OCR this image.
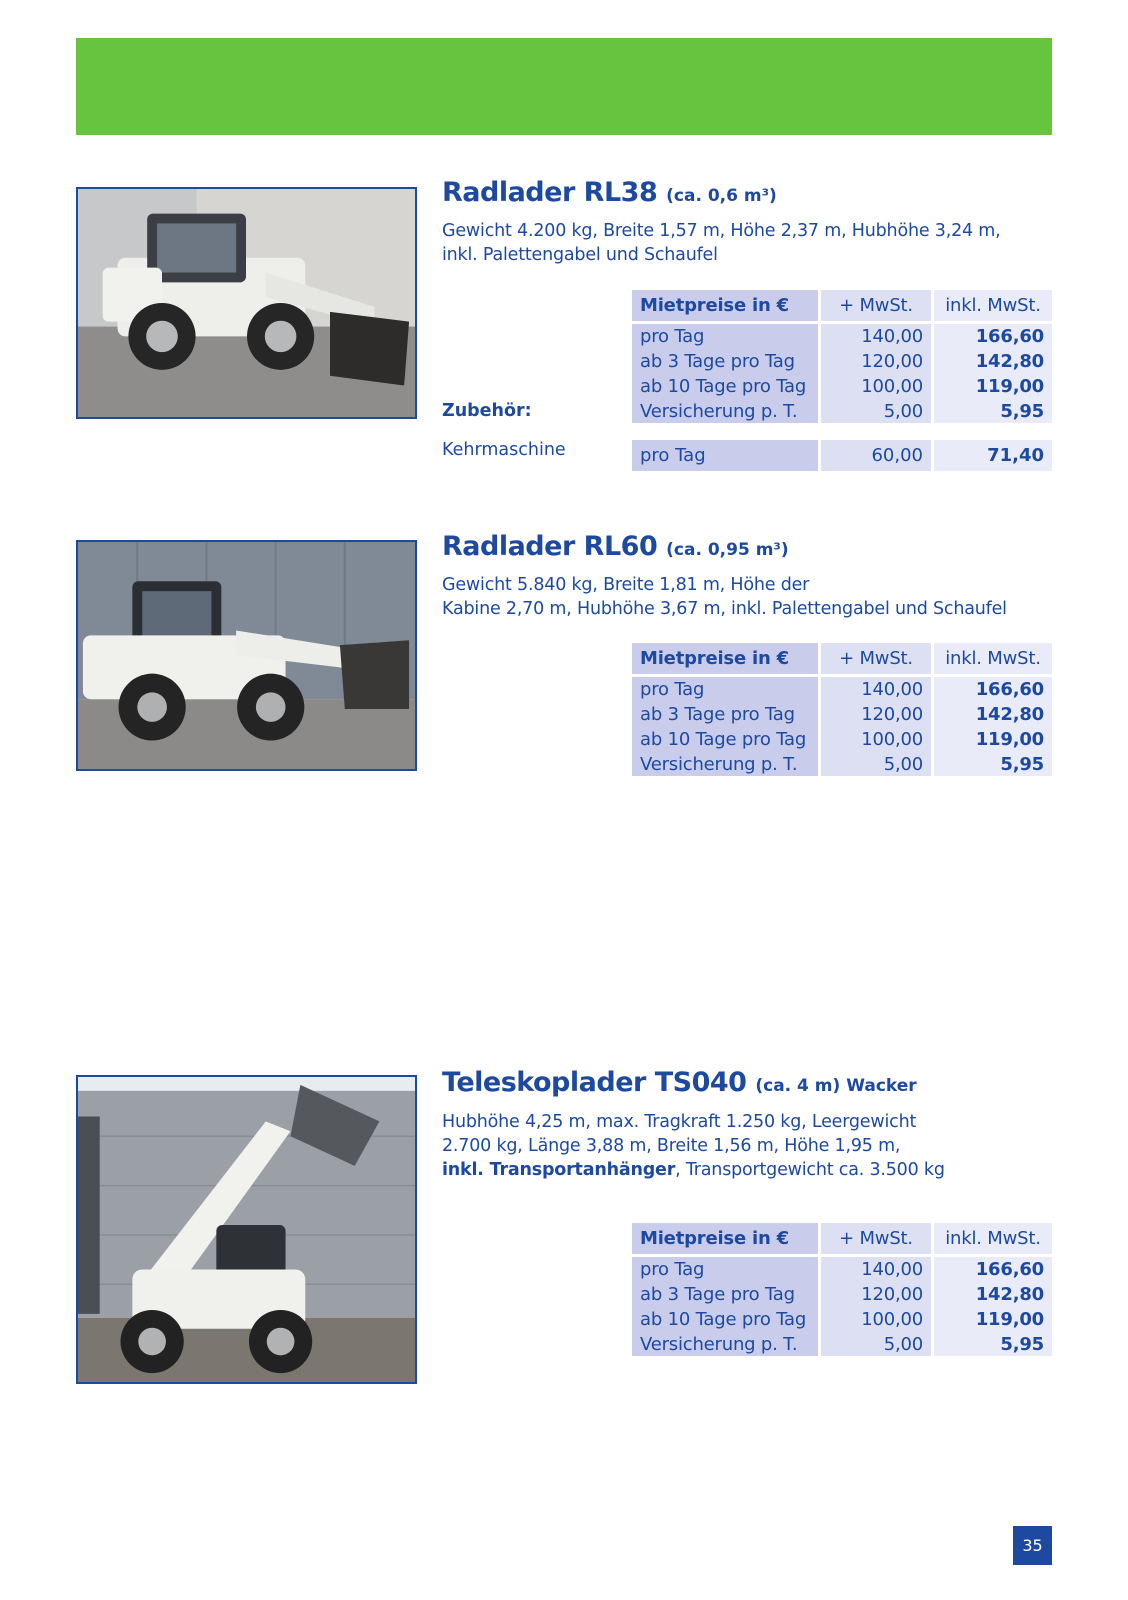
Radlader RL38 (ca. 0,6 m³)

Gewicht 4.200 kg, Breite 1,57 m, Höhe 2,37 m, Hubhöhe 3,24 m,
inkl. Palettengabel und Schaufel

Mietpreise in €	+ MwSt.	inkl. MwSt.
pro Tag	140,00	166,60
ab 3 Tage pro Tag	120,00	142,80
ab 10 Tage pro Tag	100,00	119,00
Versicherung p. T.	5,00	5,95
Zubehör:
Kehrmaschine	pro Tag	60,00	71,40
Radlader RL60 (ca. 0,95 m³)

Gewicht 5.840 kg, Breite 1,81 m, Höhe der
Kabine 2,70 m, Hubhöhe 3,67 m, inkl. Palettengabel und Schaufel

Mietpreise in €	+ MwSt.	inkl. MwSt.
pro Tag	140,00	166,60
ab 3 Tage pro Tag	120,00	142,80
ab 10 Tage pro Tag	100,00	119,00
Versicherung p. T.	5,00	5,95
Teleskoplader TS040 (ca. 4 m) Wacker

Hubhöhe 4,25 m, max. Tragkraft 1.250 kg, Leergewicht
2.700 kg, Länge 3,88 m, Breite 1,56 m, Höhe 1,95 m,
inkl. Transportanhänger, Transportgewicht ca. 3.500 kg

Mietpreise in €	+ MwSt.	inkl. MwSt.
pro Tag	140,00	166,60
ab 3 Tage pro Tag	120,00	142,80
ab 10 Tage pro Tag	100,00	119,00
Versicherung p. T.	5,00	5,95
35
